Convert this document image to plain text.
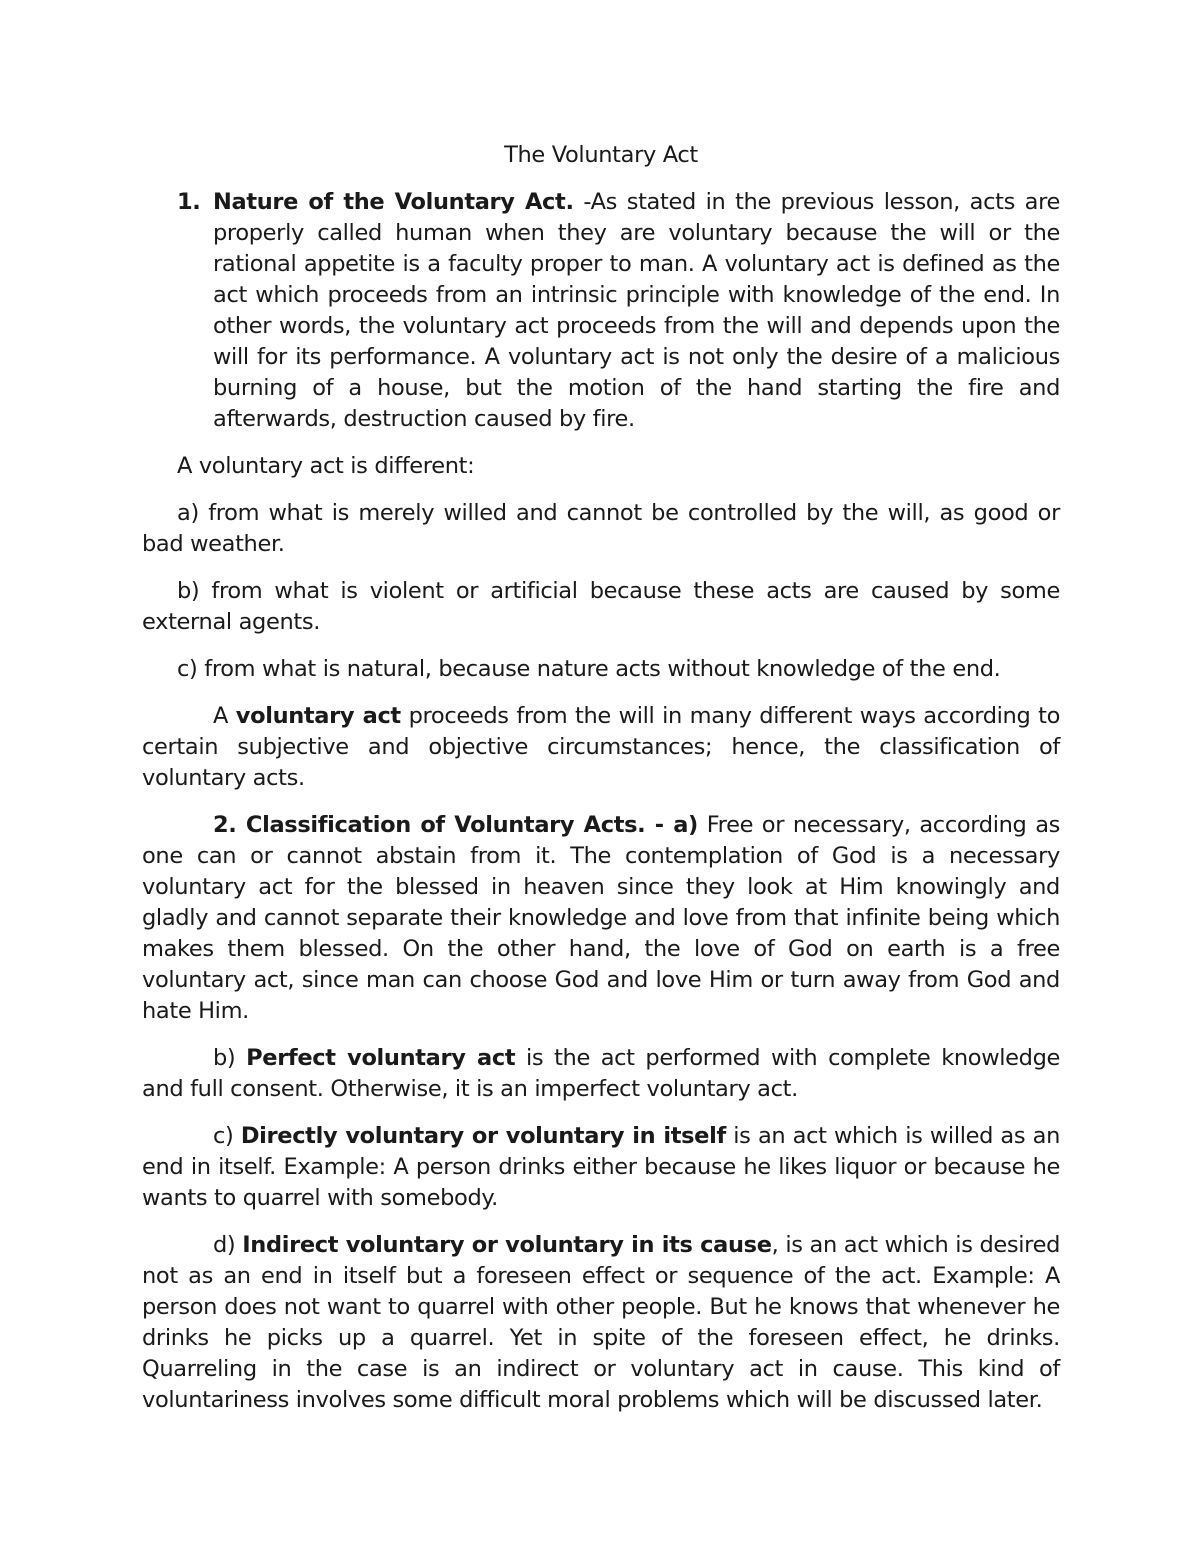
The Voluntary Act
1. Nature of the Voluntary Act. -As stated in the previous lesson, acts are properly called human when they are voluntary because the will or the rational appetite is a faculty proper to man. A voluntary act is defined as the act which proceeds from an intrinsic principle with knowledge of the end. In other words, the voluntary act proceeds from the will and depends upon the will for its performance. A voluntary act is not only the desire of a malicious burning of a house, but the motion of the hand starting the fire and afterwards, destruction caused by fire.

A voluntary act is different:

a) from what is merely willed and cannot be controlled by the will, as good or bad weather.

b) from what is violent or artificial because these acts are caused by some external agents.

c) from what is natural, because nature acts without knowledge of the end.

A voluntary act proceeds from the will in many different ways according to certain subjective and objective circumstances; hence, the classification of voluntary acts.

2. Classification of Voluntary Acts. - a) Free or necessary, according as one can or cannot abstain from it. The contemplation of God is a necessary voluntary act for the blessed in heaven since they look at Him knowingly and gladly and cannot separate their knowledge and love from that infinite being which makes them blessed. On the other hand, the love of God on earth is a free voluntary act, since man can choose God and love Him or turn away from God and hate Him.

b) Perfect voluntary act is the act performed with complete knowledge and full consent. Otherwise, it is an imperfect voluntary act.

c) Directly voluntary or voluntary in itself is an act which is willed as an end in itself. Example: A person drinks either because he likes liquor or because he wants to quarrel with somebody.

d) Indirect voluntary or voluntary in its cause, is an act which is desired not as an end in itself but a foreseen effect or sequence of the act. Example: A person does not want to quarrel with other people. But he knows that whenever he drinks he picks up a quarrel. Yet in spite of the foreseen effect, he drinks. Quarreling in the case is an indirect or voluntary act in cause. This kind of voluntariness involves some difficult moral problems which will be discussed later.
